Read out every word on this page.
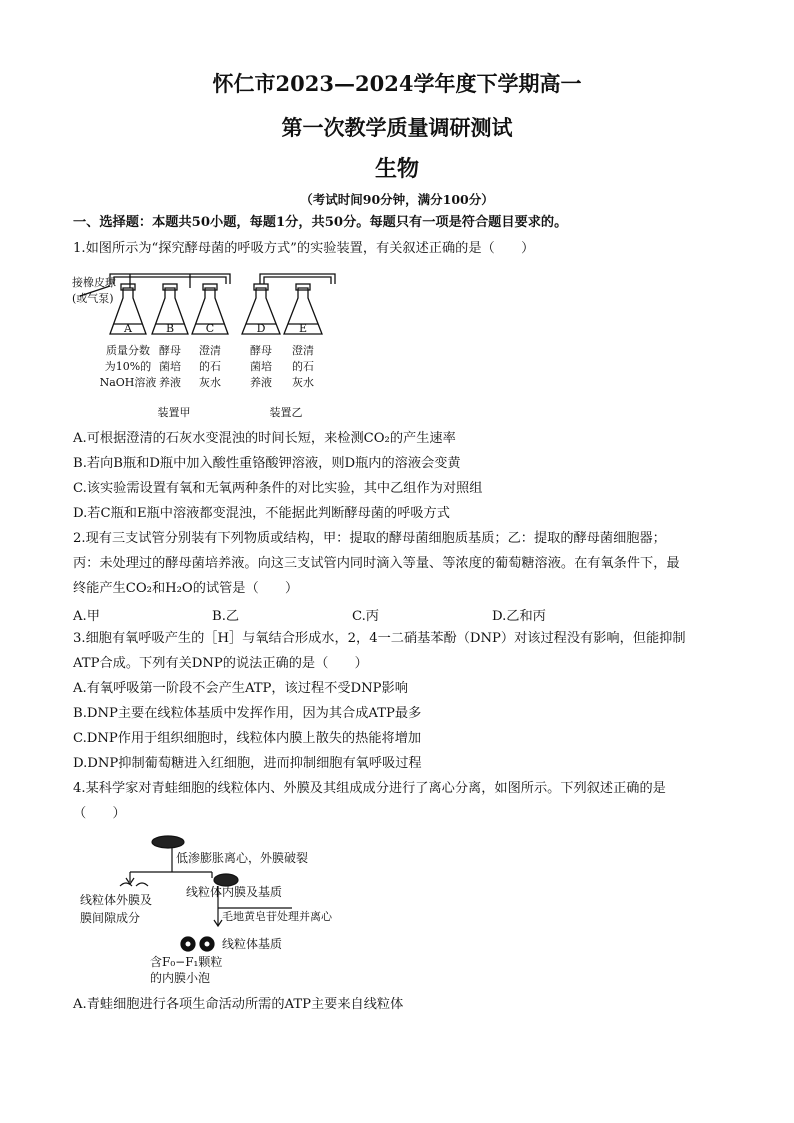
怀仁市2023—2024学年度下学期高一
第一次教学质量调研测试
生物
（考试时间90分钟，满分100分）
一、选择题：本题共50小题，每题1分，共50分。每题只有一项是符合题目要求的。
1.如图所示为“探究酵母菌的呼吸方式”的实验装置，有关叙述正确的是（　　）
A	B	C	D	E
接橡皮球
(或气泵)
质量分数
为10%的
NaOH溶液
酵母
菌培
养液
澄清
的石
灰水
酵母
菌培
养液
澄清
的石
灰水
装置甲	装置乙
A.可根据澄清的石灰水变混浊的时间长短，来检测CO₂的产生速率
B.若向B瓶和D瓶中加入酸性重铬酸钾溶液，则D瓶内的溶液会变黄
C.该实验需设置有氧和无氧两种条件的对比实验，其中乙组作为对照组
D.若C瓶和E瓶中溶液都变混浊，不能据此判断酵母菌的呼吸方式
2.现有三支试管分别装有下列物质或结构，甲：提取的酵母菌细胞质基质；乙：提取的酵母菌细胞器；
丙：未处理过的酵母菌培养液。向这三支试管内同时滴入等量、等浓度的葡萄糖溶液。在有氧条件下，最
终能产生CO₂和H₂O的试管是（　　）
A.甲	B.乙	C.丙	D.乙和丙
3.细胞有氧呼吸产生的［H］与氧结合形成水，2，4一二硝基苯酚（DNP）对该过程没有影响，但能抑制
ATP合成。下列有关DNP的说法正确的是（　　）
A.有氧呼吸第一阶段不会产生ATP，该过程不受DNP影响
B.DNP主要在线粒体基质中发挥作用，因为其合成ATP最多
C.DNP作用于组织细胞时，线粒体内膜上散失的热能将增加
D.DNP抑制葡萄糖进入红细胞，进而抑制细胞有氧呼吸过程
4.某科学家对青蛙细胞的线粒体内、外膜及其组成成分进行了离心分离，如图所示。下列叙述正确的是
（　　）
低渗膨胀离心，外膜破裂
线粒体外膜及
膜间隙成分
线粒体内膜及基质
毛地黄皂苷处理并离心
线粒体基质
含F₀−F₁颗粒
的内膜小泡
A.青蛙细胞进行各项生命活动所需的ATP主要来自线粒体
